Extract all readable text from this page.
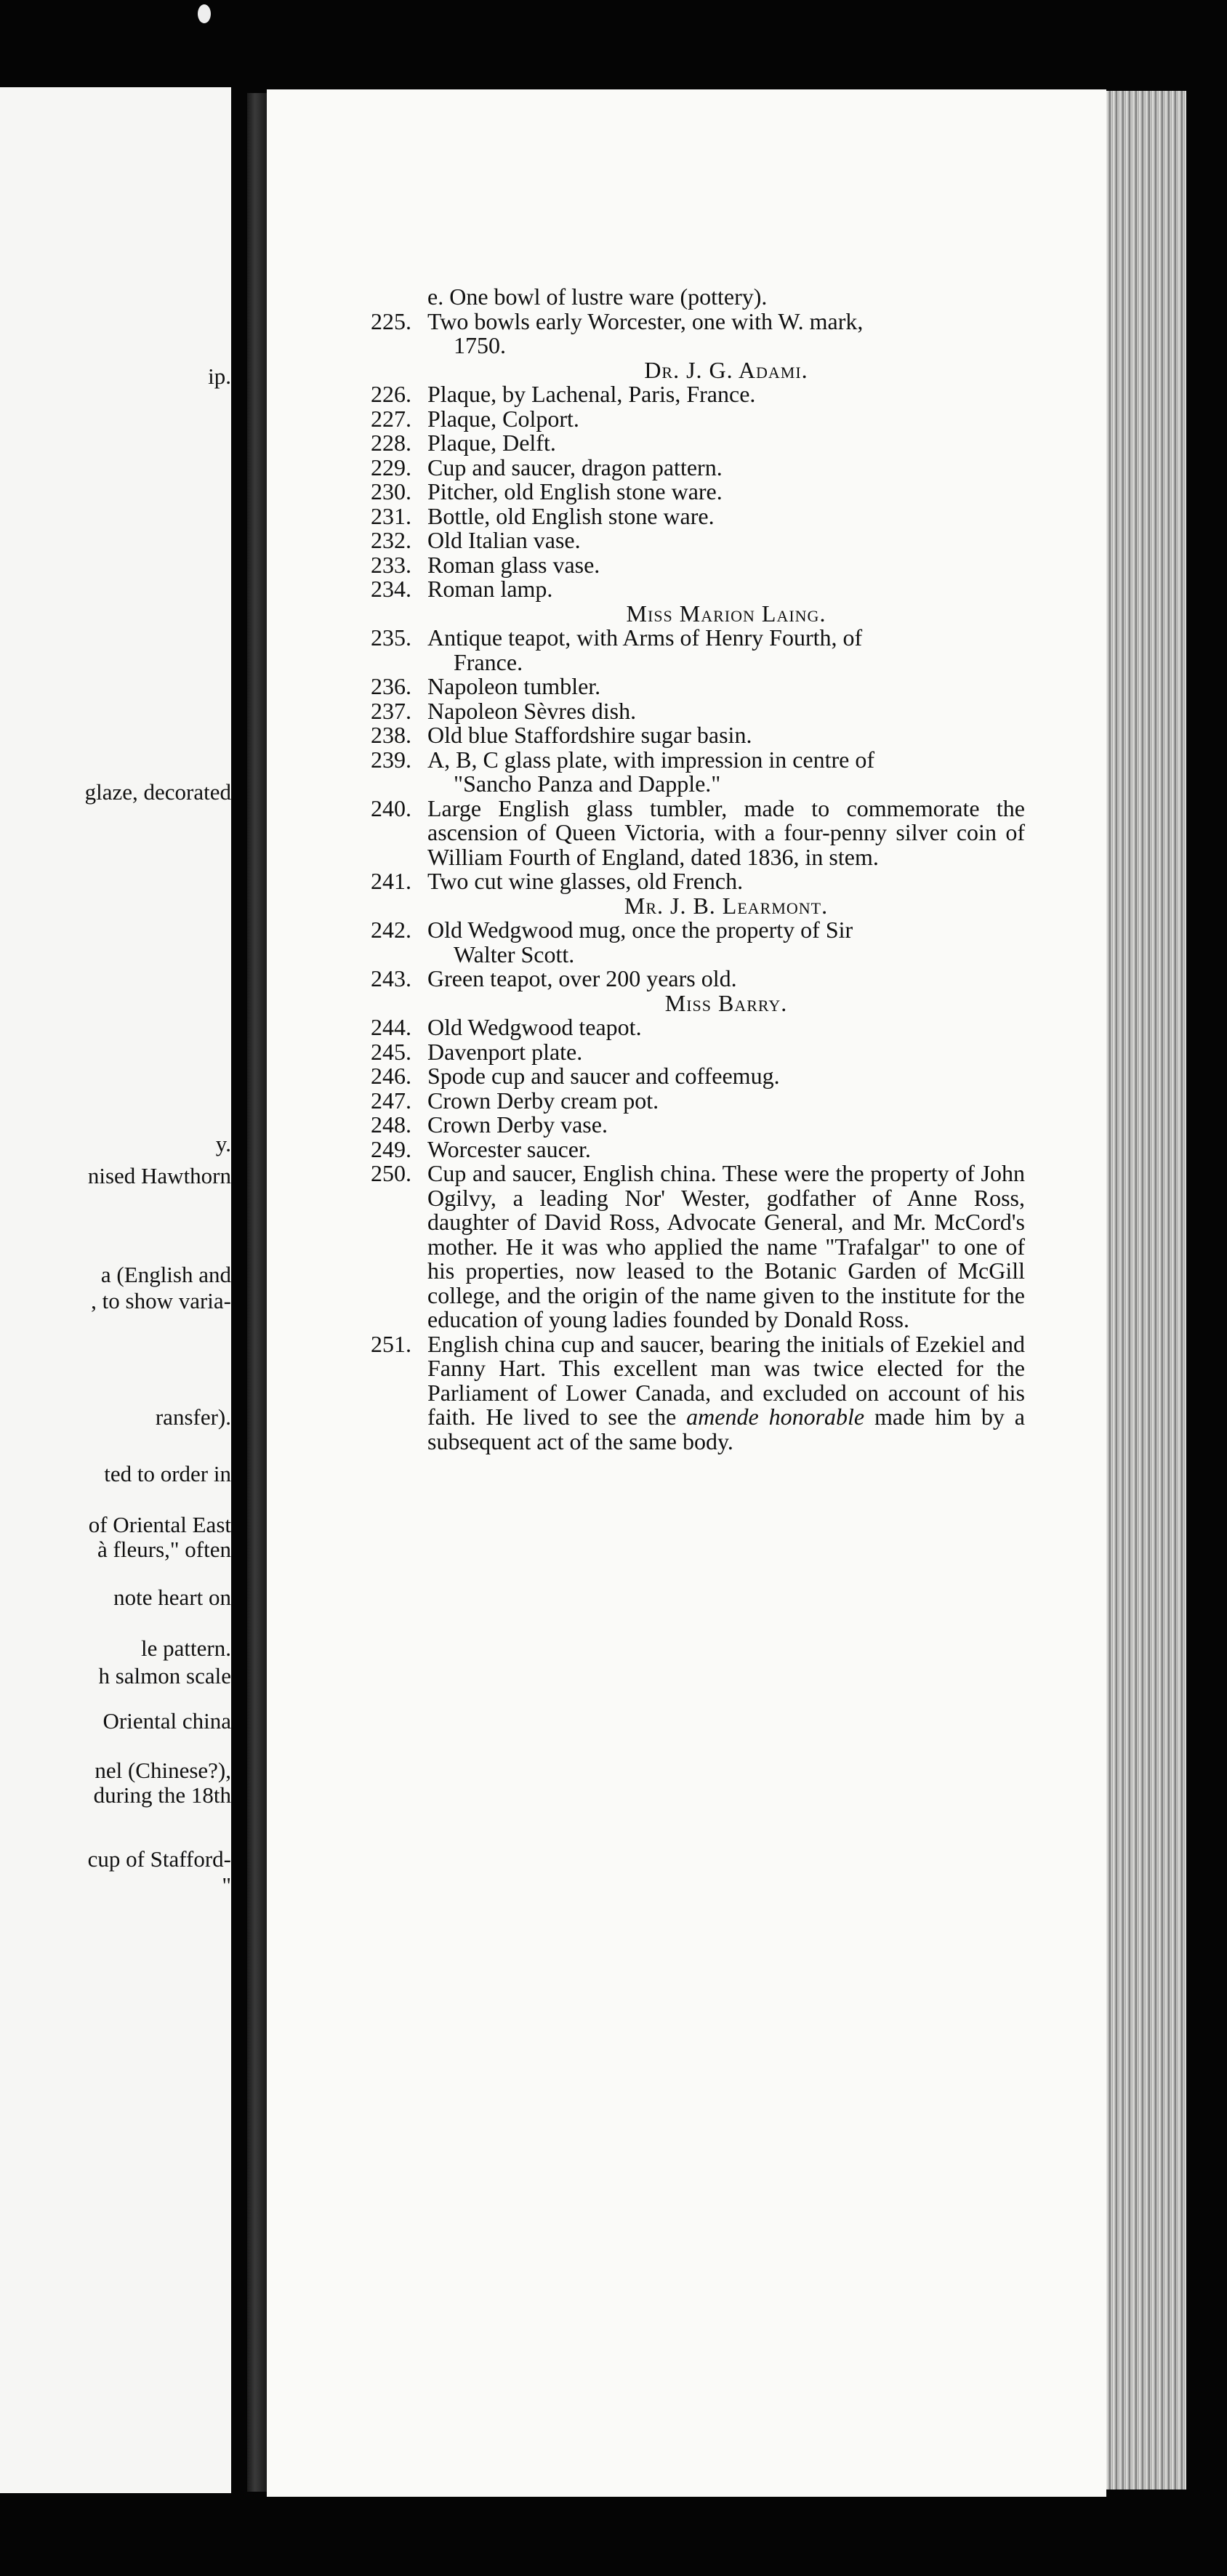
ip.
glaze, decorated
y.
nised Hawthorn
a (English and
, to show varia-
ransfer).
ted to order in
of Oriental East
à fleurs," often
note heart on
le pattern.
h salmon scale
Oriental china
nel (Chinese?),
during the 18th
cup of Stafford-
"
e. One bowl of lustre ware (pottery).
225. Two bowls early Worcester, one with W. mark,
1750.
Dr. J. G. Adami.
226. Plaque, by Lachenal, Paris, France.
227. Plaque, Colport.
228. Plaque, Delft.
229. Cup and saucer, dragon pattern.
230. Pitcher, old English stone ware.
231. Bottle, old English stone ware.
232. Old Italian vase.
233. Roman glass vase.
234. Roman lamp.
Miss Marion Laing.
235. Antique teapot, with Arms of Henry Fourth, of
France.
236. Napoleon tumbler.
237. Napoleon Sèvres dish.
238. Old blue Staffordshire sugar basin.
239. A, B, C glass plate, with impression in centre of
"Sancho Panza and Dapple."
240. Large English glass tumbler, made to commemorate the ascension of Queen Victoria, with a four-penny silver coin of William Fourth of England, dated 1836, in stem.
241. Two cut wine glasses, old French.
Mr. J. B. Learmont.
242. Old Wedgwood mug, once the property of Sir
Walter Scott.
243. Green teapot, over 200 years old.
Miss Barry.
244. Old Wedgwood teapot.
245. Davenport plate.
246. Spode cup and saucer and coffeemug.
247. Crown Derby cream pot.
248. Crown Derby vase.
249. Worcester saucer.
250. Cup and saucer, English china. These were the property of John Ogilvy, a leading Nor' Wester, godfather of Anne Ross, daughter of David Ross, Advocate General, and Mr. McCord's mother. He it was who applied the name "Trafalgar" to one of his properties, now leased to the Botanic Garden of McGill college, and the origin of the name given to the institute for the education of young ladies founded by Donald Ross.
251. English china cup and saucer, bearing the initials of Ezekiel and Fanny Hart. This excellent man was twice elected for the Parliament of Lower Canada, and excluded on account of his faith. He lived to see the amende honorable made him by a subsequent act of the same body.
